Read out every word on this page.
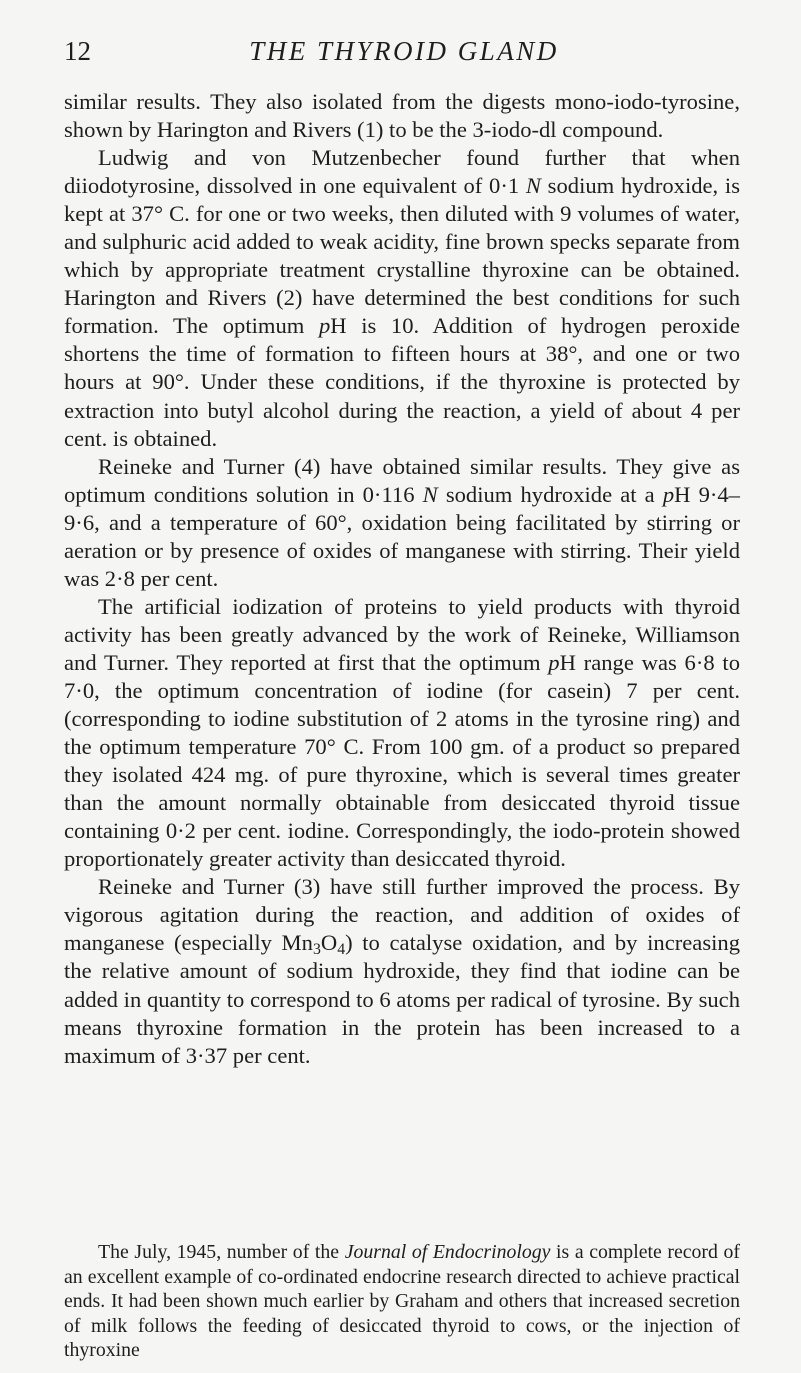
12	THE THYROID GLAND

similar results. They also isolated from the digests mono-iodo-tyrosine, shown by Harington and Rivers (1) to be the 3-iodo-dl compound.

Ludwig and von Mutzenbecher found further that when diiodotyrosine, dissolved in one equivalent of 0·1 N sodium hydroxide, is kept at 37° C. for one or two weeks, then diluted with 9 volumes of water, and sulphuric acid added to weak acidity, fine brown specks separate from which by appropriate treatment crystalline thyroxine can be obtained. Harington and Rivers (2) have determined the best conditions for such formation. The optimum pH is 10. Addition of hydrogen peroxide shortens the time of formation to fifteen hours at 38°, and one or two hours at 90°. Under these conditions, if the thyroxine is protected by extraction into butyl alcohol during the reaction, a yield of about 4 per cent. is obtained.

Reineke and Turner (4) have obtained similar results. They give as optimum conditions solution in 0·116 N sodium hydroxide at a pH 9·4–9·6, and a temperature of 60°, oxidation being facilitated by stirring or aeration or by presence of oxides of manganese with stirring. Their yield was 2·8 per cent.

The artificial iodization of proteins to yield products with thyroid activity has been greatly advanced by the work of Reineke, Williamson and Turner. They reported at first that the optimum pH range was 6·8 to 7·0, the optimum concentration of iodine (for casein) 7 per cent. (corresponding to iodine substitution of 2 atoms in the tyrosine ring) and the optimum temperature 70° C. From 100 gm. of a product so prepared they isolated 424 mg. of pure thyroxine, which is several times greater than the amount normally obtainable from desiccated thyroid tissue containing 0·2 per cent. iodine. Correspondingly, the iodo-protein showed proportionately greater activity than desiccated thyroid.

Reineke and Turner (3) have still further improved the process. By vigorous agitation during the reaction, and addition of oxides of manganese (especially $Mn_3O_4$) to catalyse oxidation, and by increasing the relative amount of sodium hydroxide, they find that iodine can be added in quantity to correspond to 6 atoms per radical of tyrosine. By such means thyroxine formation in the protein has been increased to a maximum of 3·37 per cent.

The July, 1945, number of the Journal of Endocrinology is a complete record of an excellent example of co-ordinated endocrine research directed to achieve practical ends. It had been shown much earlier by Graham and others that increased secretion of milk follows the feeding of desiccated thyroid to cows, or the injection of thyroxine
